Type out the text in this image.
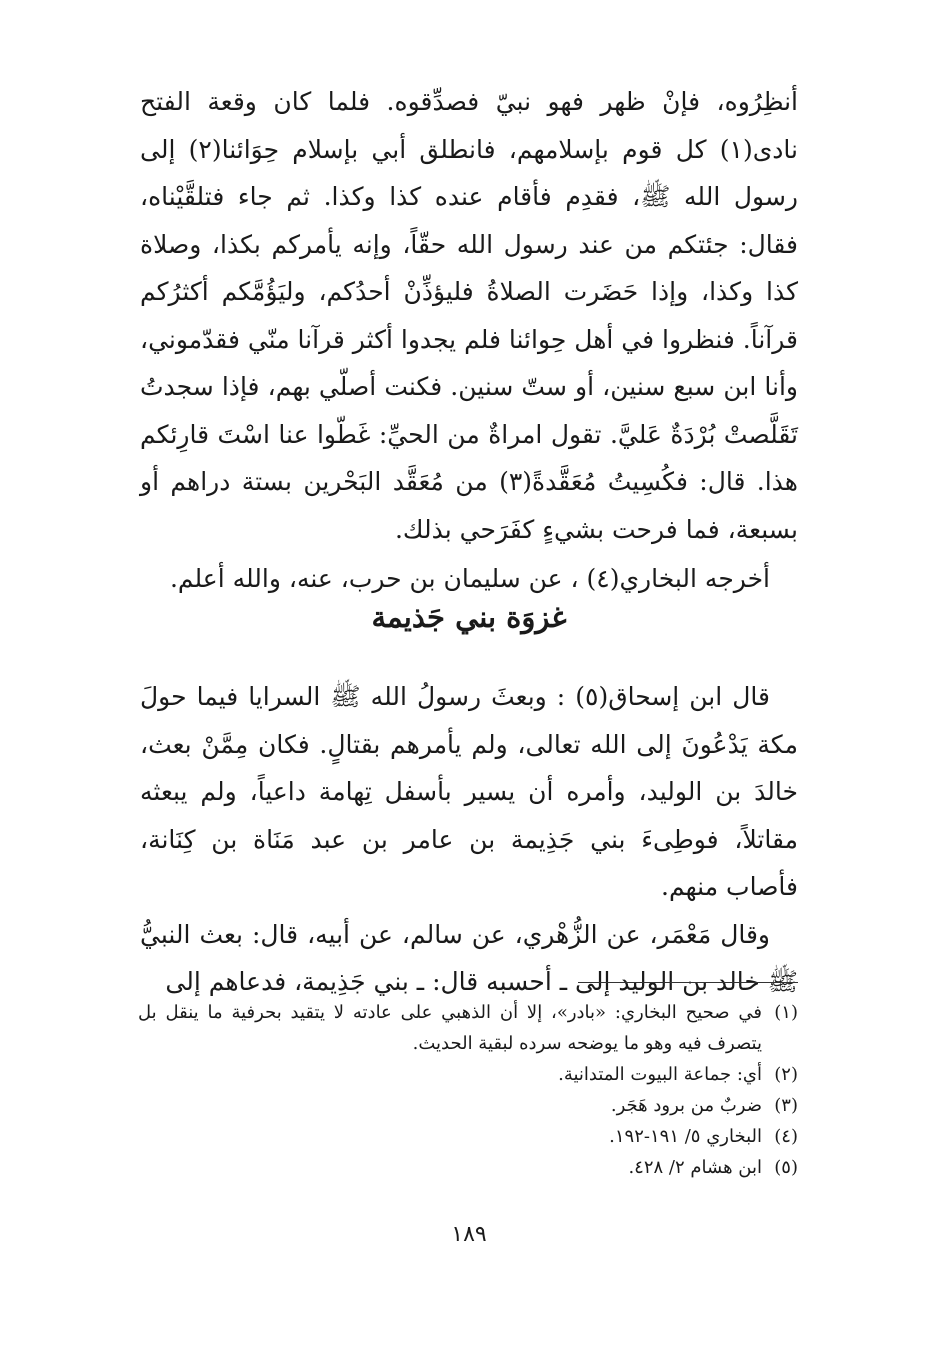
أنظِرُوه، فإنْ ظهر فهو نبيّ فصدِّقوه. فلما كان وقعة الفتح نادى(١) كل قوم بإسلامهم، فانطلق أبي بإسلام حِوَائنا(٢) إلى رسول الله ﷺ، فقدِم فأقام عنده كذا وكذا. ثم جاء فتلقَّيْناه، فقال: جئتكم من عند رسول الله حقّاً، وإنه يأمركم بكذا، وصلاة كذا وكذا، وإذا حَضَرت الصلاةُ فليؤذِّنْ أحدُكم، وليَؤُمَّكم أكثرُكم قرآناً. فنظروا في أهل حِوائنا فلم يجدوا أكثر قرآنا منّي فقدّموني، وأنا ابن سبع سنين، أو ستّ سنين. فكنت أصلّي بهم، فإذا سجدتُ تَقَلَّصتْ بُرْدَةٌ عَليَّ. تقول امراةٌ من الحيِّ: غَطّوا عنا اسْتَ قارِئكم هذا. قال: فكُسِيتُ مُعَقَّدةً(٣) من مُعَقَّد البَحْرين بستة دراهم أو بسبعة، فما فرحت بشيءٍ كفَرَحي بذلك.

أخرجه البخاري(٤) ، عن سليمان بن حرب، عنه، والله أعلم.

غزوَة بني جَذيمة

قال ابن إسحاق(٥) : وبعثَ رسولُ الله ﷺ السرايا فيما حولَ مكة يَدْعُونَ إلى الله تعالى، ولم يأمرهم بقتالٍ. فكان مِمَّنْ بعث، خالدَ بن الوليد، وأمره أن يسير بأسفل تِهامة داعياً، ولم يبعثه مقاتلاً، فوطِىءَ بني جَذِيمة بن عامر بن عبد مَنَاة بن كِنَانة، فأصاب منهم.

وقال مَعْمَر، عن الزُّهْري، عن سالم، عن أبيه، قال: بعث النبيُّ ﷺ خالد بن الوليد إلى ـ أحسبه قال: ـ بني جَذِيمة، فدعاهم إلى

(١)
في صحيح البخاري: «بادر»، إلا أن الذهبي على عادته لا يتقيد بحرفية ما ينقل بل يتصرف فيه وهو ما يوضحه سرده لبقية الحديث.
(٢)
أي: جماعة البيوت المتدانية.
(٣)
ضربٌ من برود هَجَر.
(٤)
البخاري ٥/ ١٩١-١٩٢.
(٥)
ابن هشام ٢/ ٤٢٨.
١٨٩
